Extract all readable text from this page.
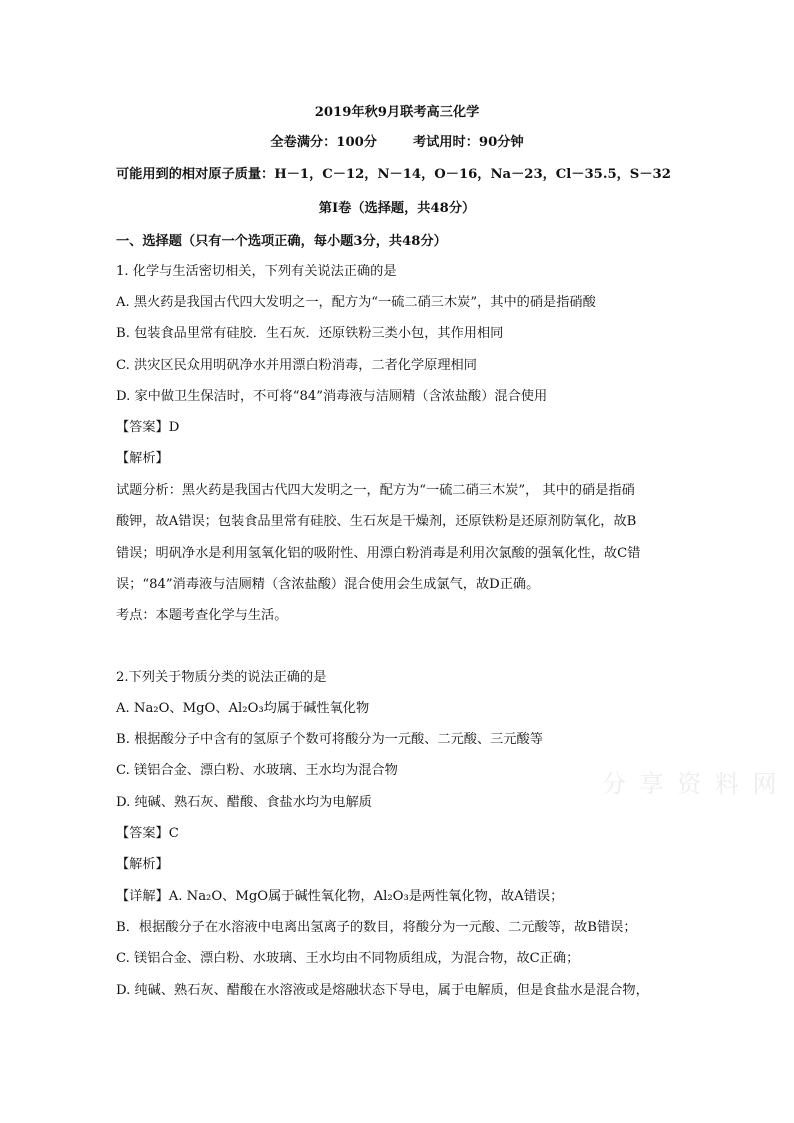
2019年秋9月联考高三化学
全卷满分：100分	考试用时：90分钟
可能用到的相对原子质量：H－1，C－12，N－14，O－16，Na－23，Cl－35.5，S－32
第Ⅰ卷（选择题，共48分）
一、选择题（只有一个选项正确，每小题3分，共48分）
1. 化学与生活密切相关，下列有关说法正确的是
A. 黑火药是我国古代四大发明之一，配方为“一硫二硝三木炭”，其中的硝是指硝酸
B. 包装食品里常有硅胶．生石灰．还原铁粉三类小包，其作用相同
C. 洪灾区民众用明矾净水并用漂白粉消毒，二者化学原理相同
D. 家中做卫生保洁时，不可将“84”消毒液与洁厕精（含浓盐酸）混合使用
【答案】D
【解析】
试题分析：黑火药是我国古代四大发明之一，配方为“一硫二硝三木炭”， 其中的硝是指硝
酸钾，故A错误；包装食品里常有硅胶、生石灰是干燥剂，还原铁粉是还原剂防氧化，故B
错误；明矾净水是利用氢氧化铝的吸附性、用漂白粉消毒是利用次氯酸的强氧化性，故C错
误；“84”消毒液与洁厕精（含浓盐酸）混合使用会生成氯气，故D正确。
考点：本题考查化学与生活。
2.下列关于物质分类的说法正确的是
A. Na₂O、MgO、Al₂O₃均属于碱性氧化物
B. 根据酸分子中含有的氢原子个数可将酸分为一元酸、二元酸、三元酸等
C. 镁铝合金、漂白粉、水玻璃、王水均为混合物
D. 纯碱、熟石灰、醋酸、食盐水均为电解质
【答案】C
【解析】
【详解】A. Na₂O、MgO属于碱性氧化物，Al₂O₃是两性氧化物，故A错误；
B．根据酸分子在水溶液中电离出氢离子的数目，将酸分为一元酸、二元酸等，故B错误；
C. 镁铝合金、漂白粉、水玻璃、王水均由不同物质组成，为混合物，故C正确；
D. 纯碱、熟石灰、醋酸在水溶液或是熔融状态下导电，属于电解质，但是食盐水是混合物，
分 享 资 料 网
